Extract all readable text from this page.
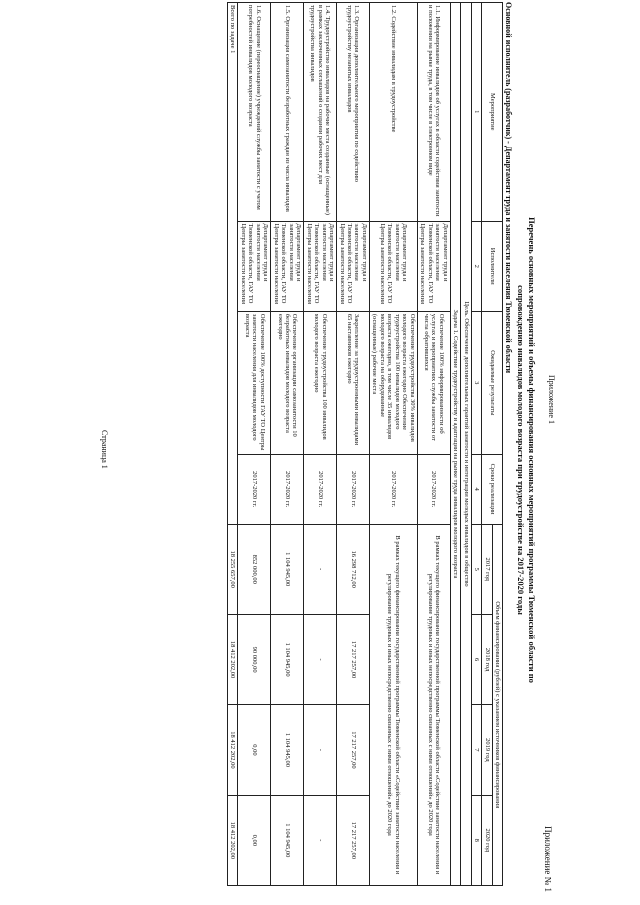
Приложение 1
Приложение № 1
Перечень основных мероприятий и объемы финансирования основных мероприятий программы Тюменской области по
сопровождению инвалидов молодого возраста при трудоустройстве на 2017-2020 годы
Основной исполнитель (разработчик) - Департамент труда и занятости населения Тюменской области
Мероприятие	Исполнители	Ожидаемые результаты	Сроки реализации	Объем финансирования (рублей) с указанием источников финансирования			
				2017 год	2018 год	2019 год	2020 год
1	2	3	4	5	6	7	8
Цель. Обеспечение дополнительных гарантий занятости и интеграции молодых инвалидов в общество							
Задача 1. Содействие трудоустройству и адаптации на рынке труда инвалидов молодого возраста							
1.1. Информирование инвалидов об услугах в области содействия занятости и положении на рынке труда, в том числе в электронном виде	Департамент труда и занятости населения Тюменской области, ГАУ ТО Центры занятости населения	Обеспечение 100% информированности об услугах и мероприятиях службы занятости от числа обратившихся	2017-2020 гг.	В рамках текущего финансирования государственной программы Тюменской области «Содействие занятости населения и регулирование трудовых и иных непосредственно связанных с ними отношений» до 2020 года			
1.2. Содействие инвалидам в трудоустройстве	Департамент труда и занятости населения Тюменской области, ГАУ ТО Центры занятости населения	Обеспечение трудоустройства 30% инвалидов молодого возраста ежегодно Обеспечение трудоустройства 100 инвалидов молодого возраста ежегодно, в том числе 35 инвалидов молодого возраста на оборудованные (оснащенные) рабочие места	2017-2020 гг.	В рамках текущего финансирования государственной программы Тюменской области «Содействие занятости населения и регулирование трудовых и иных непосредственно связанных с ними отношений» до 2020 года			
1.3. Организация дополнительного мероприятия по содействию трудоустройству незанятых инвалидов	Департамент труда и занятости населения Тюменской области, ГАУ ТО Центры занятости населения	Закрепление за трудоустроенными инвалидами 65 наставников ежегодно	2017-2020 гг.	16 298 712,00	17 217 257,00	17 217 257,00	17 217 257,00
1.4. Трудоустройство инвалидов на рабочие места созданные (оснащенные) в рамках заключенных соглашений о создании рабочих мест для трудоустройства инвалидов	Департамент труда и занятости населения Тюменской области, ГАУ ТО Центры занятости населения	Обеспечение трудоустройства 100 инвалидов молодого возраста ежегодно	2017-2020 гг.	-	-	-	-
1.5. Организация самозанятости безработных граждан из числа инвалидов	Департамент труда и занятости населения Тюменской области, ГАУ ТО Центры занятости населения	Обеспечение организации самозанятости 10 безработных инвалидов молодого возраста ежегодно	2017-2020 гг.	1 104 945,00	1 104 945,00	1 104 945,00	1 104 945,00
1.6. Оснащение (переоснащение) учреждений службы занятости с учетом потребностей инвалидов молодого возраста	Департамент труда и занятости населения Тюменской области, ГАУ ТО Центры занятости населения	Обеспечение 100% доступности ГАУ ТО Центры занятости населения для инвалидов молодого возраста	2017-2020 гг.	852 000,00	90 000,00	0,00	0,00
Всего по задаче 1				18 255 657,00	18 412 202,00	18 412 202,00	18 412 202,00
Страница 1
